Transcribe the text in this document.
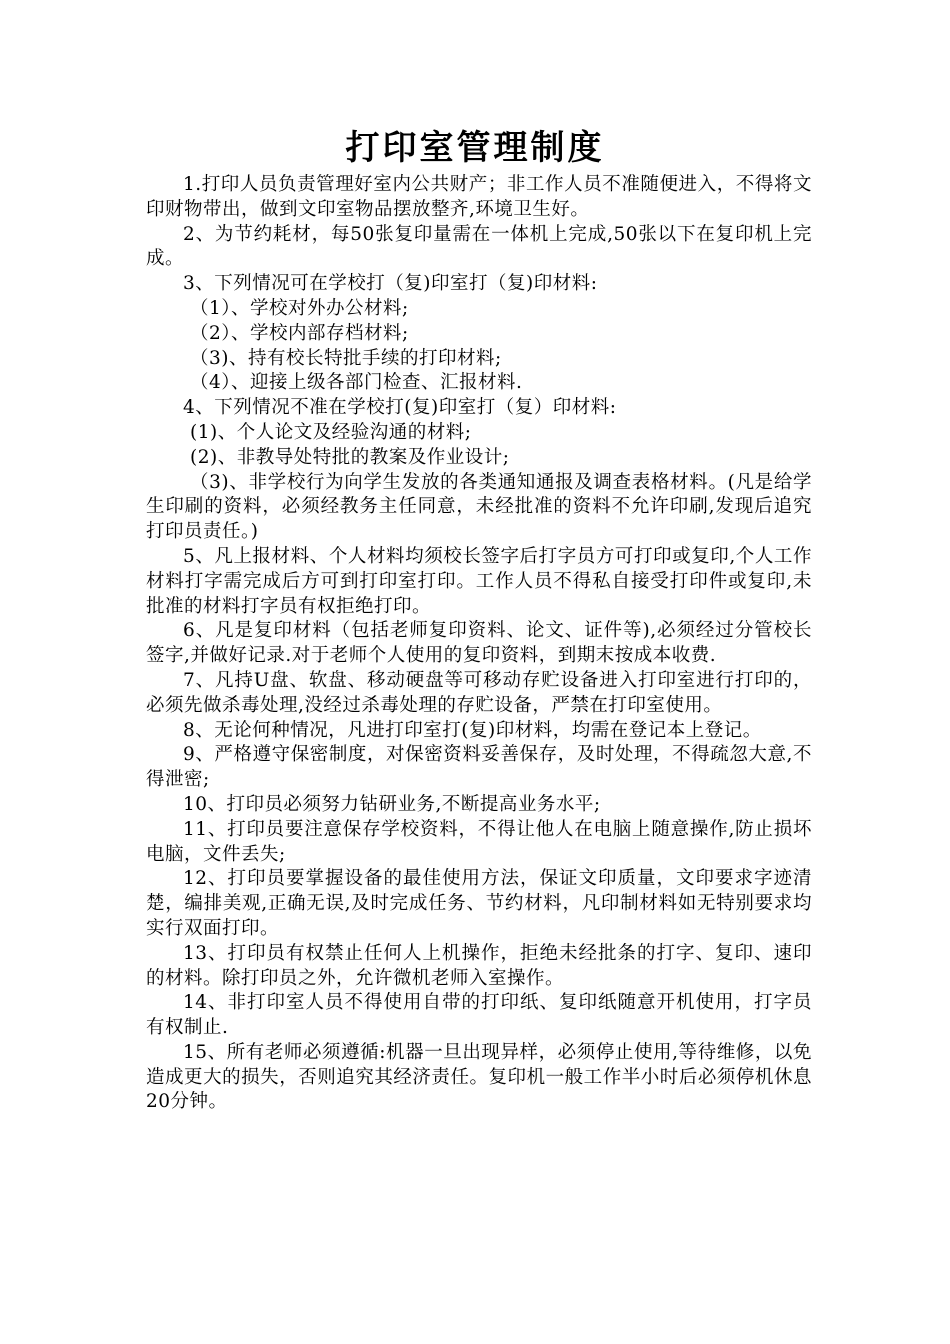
打印室管理制度

1.打印人员负责管理好室内公共财产；非工作人员不准随便进入，不得将文印财物带出，做到文印室物品摆放整齐,环境卫生好。

2、为节约耗材，每50张复印量需在一体机上完成,50张以下在复印机上完成。

3、下列情况可在学校打（复)印室打（复)印材料:

（1）、学校对外办公材料;

（2）、学校内部存档材料;

（3)、持有校长特批手续的打印材料;

（4）、迎接上级各部门检查、汇报材料.

4、下列情况不准在学校打(复)印室打（复）印材料:

(1)、个人论文及经验沟通的材料;

(2)、非教导处特批的教案及作业设计;

（3)、非学校行为向学生发放的各类通知通报及调查表格材料。(凡是给学生印刷的资料，必须经教务主任同意，未经批准的资料不允许印刷,发现后追究打印员责任。)

5、凡上报材料、个人材料均须校长签字后打字员方可打印或复印,个人工作材料打字需完成后方可到打印室打印。工作人员不得私自接受打印件或复印,未批准的材料打字员有权拒绝打印。

6、凡是复印材料（包括老师复印资料、论文、证件等),必须经过分管校长签字,并做好记录.对于老师个人使用的复印资料，到期末按成本收费.

7、凡持U盘、软盘、移动硬盘等可移动存贮设备进入打印室进行打印的，必须先做杀毒处理,没经过杀毒处理的存贮设备，严禁在打印室使用。

8、无论何种情况，凡进打印室打(复)印材料，均需在登记本上登记。

9、严格遵守保密制度，对保密资料妥善保存，及时处理，不得疏忽大意,不得泄密;

10、打印员必须努力钻研业务,不断提高业务水平;

11、打印员要注意保存学校资料，不得让他人在电脑上随意操作,防止损坏电脑，文件丢失;

12、打印员要掌握设备的最佳使用方法，保证文印质量，文印要求字迹清楚，编排美观,正确无误,及时完成任务、节约材料，凡印制材料如无特别要求均实行双面打印。

13、打印员有权禁止任何人上机操作，拒绝未经批条的打字、复印、速印的材料。除打印员之外，允许微机老师入室操作。

14、非打印室人员不得使用自带的打印纸、复印纸随意开机使用，打字员有权制止.

15、所有老师必须遵循:机器一旦出现异样，必须停止使用,等待维修，以免造成更大的损失，否则追究其经济责任。复印机一般工作半小时后必须停机休息20分钟。
